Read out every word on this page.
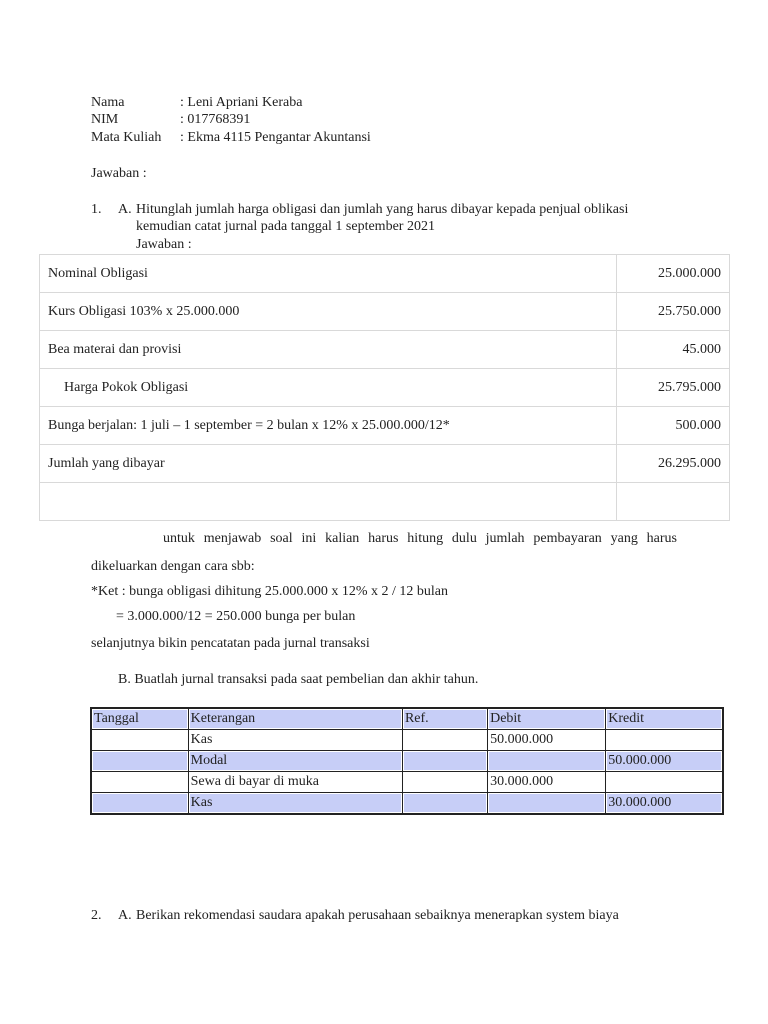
Nama	: Leni Apriani Keraba
NIM	: 017768391
Mata Kuliah : Ekma 4115 Pengantar Akuntansi
Jawaban :
1. A. Hitunglah jumlah harga obligasi dan jumlah yang harus dibayar kepada penjual oblikasi
kemudian catat jurnal pada tanggal 1 september 2021
Jawaban :
Nominal Obligasi	25.000.000
Kurs Obligasi 103% x 25.000.000	25.750.000
Bea materai dan provisi	45.000
Harga Pokok Obligasi	25.795.000
Bunga berjalan: 1 juli – 1 september = 2 bulan x 12% x 25.000.000/12*	500.000
Jumlah yang dibayar	26.295.000

untuk menjawab soal ini kalian harus hitung dulu jumlah pembayaran yang harus
dikeluarkan dengan cara sbb:
*Ket : bunga obligasi dihitung 25.000.000 x 12% x 2 / 12 bulan
= 3.000.000/12 = 250.000 bunga per bulan
selanjutnya bikin pencatatan pada jurnal transaksi
B. Buatlah jurnal transaksi pada saat pembelian dan akhir tahun.
Tanggal	Keterangan	Ref.	Debit	Kredit
	Kas		50.000.000	
	Modal			50.000.000
	Sewa di bayar di muka		30.000.000	
	Kas			30.000.000
2. A. Berikan rekomendasi saudara apakah perusahaan sebaiknya menerapkan system biaya
